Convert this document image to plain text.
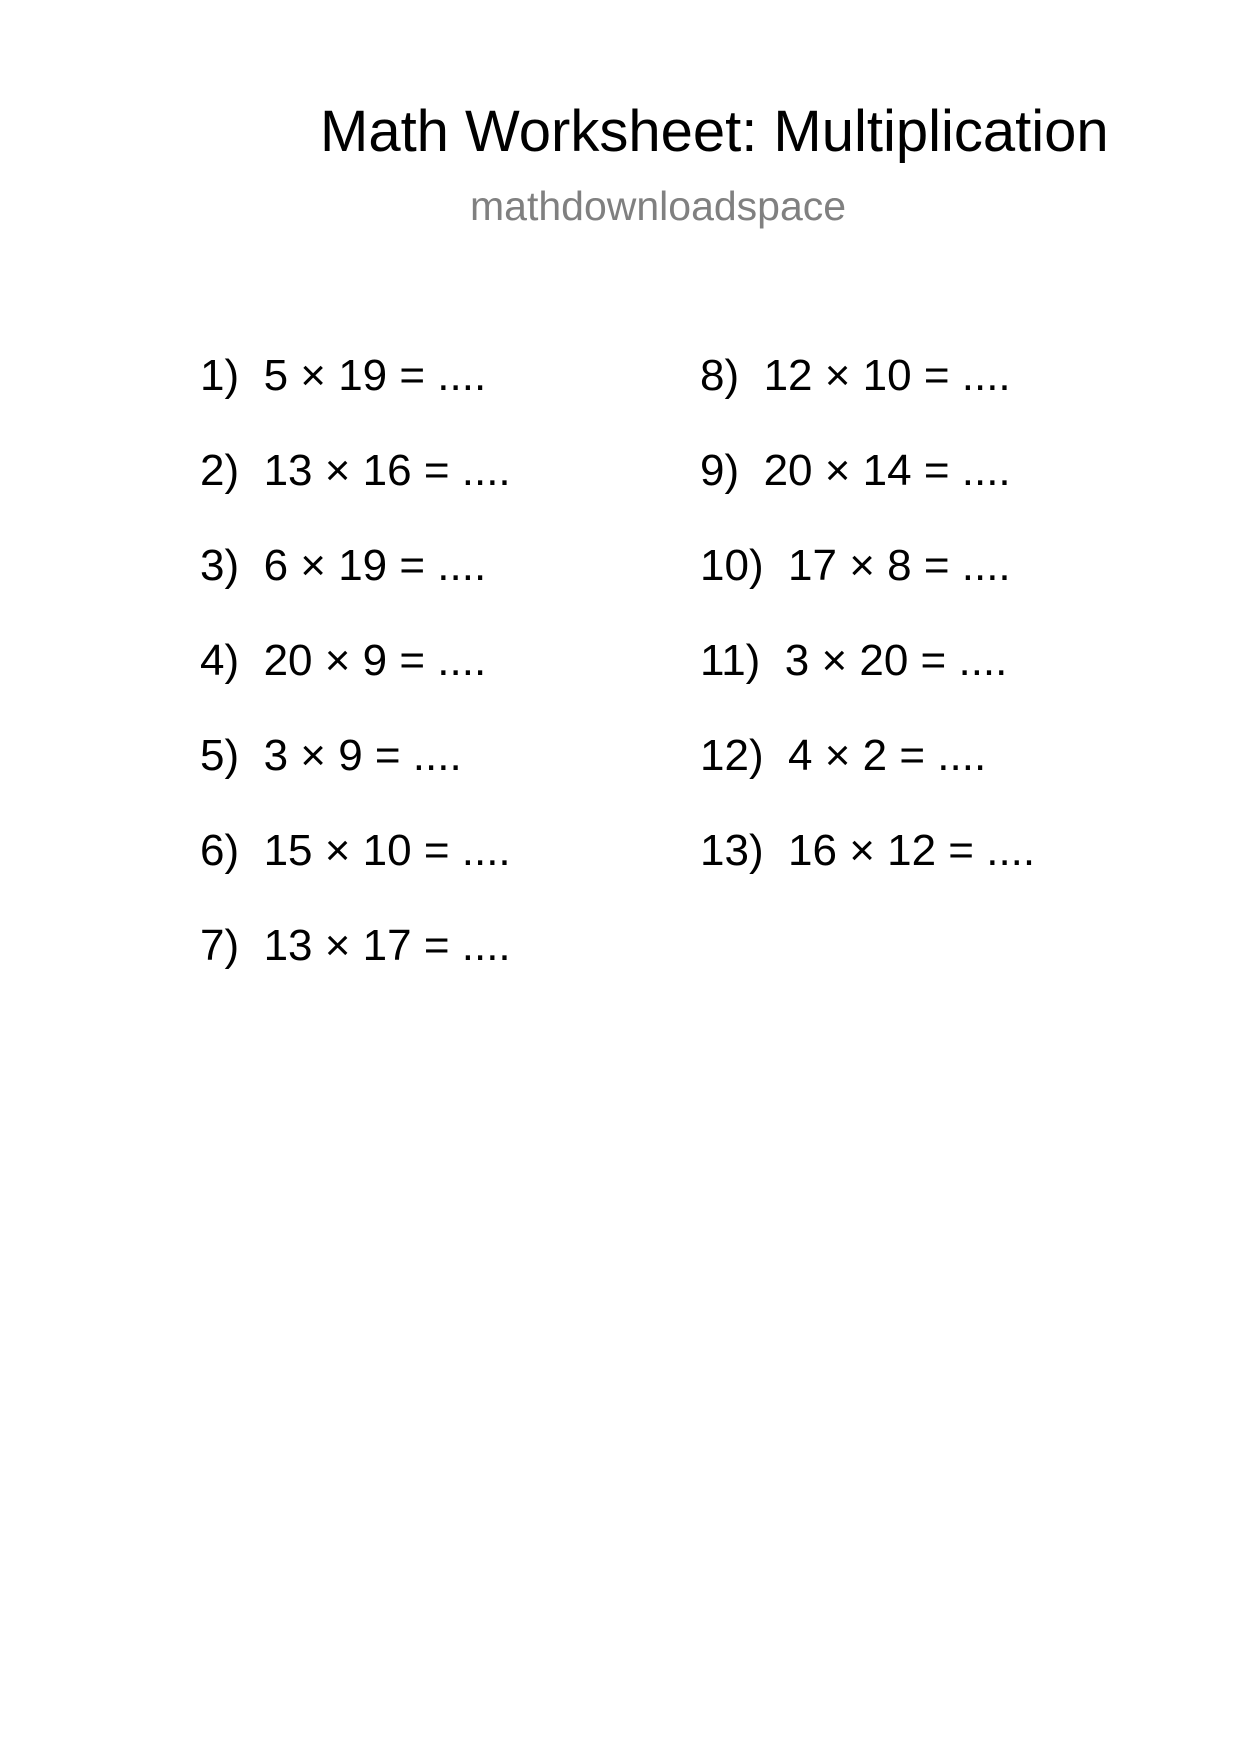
Math Worksheet: Multiplication
mathdownloadspace
1)  5 × 19 = ....
2)  13 × 16 = ....
3)  6 × 19 = ....
4)  20 × 9 = ....
5)  3 × 9 = ....
6)  15 × 10 = ....
7)  13 × 17 = ....
8)  12 × 10 = ....
9)  20 × 14 = ....
10)  17 × 8 = ....
11)  3 × 20 = ....
12)  4 × 2 = ....
13)  16 × 12 = ....
